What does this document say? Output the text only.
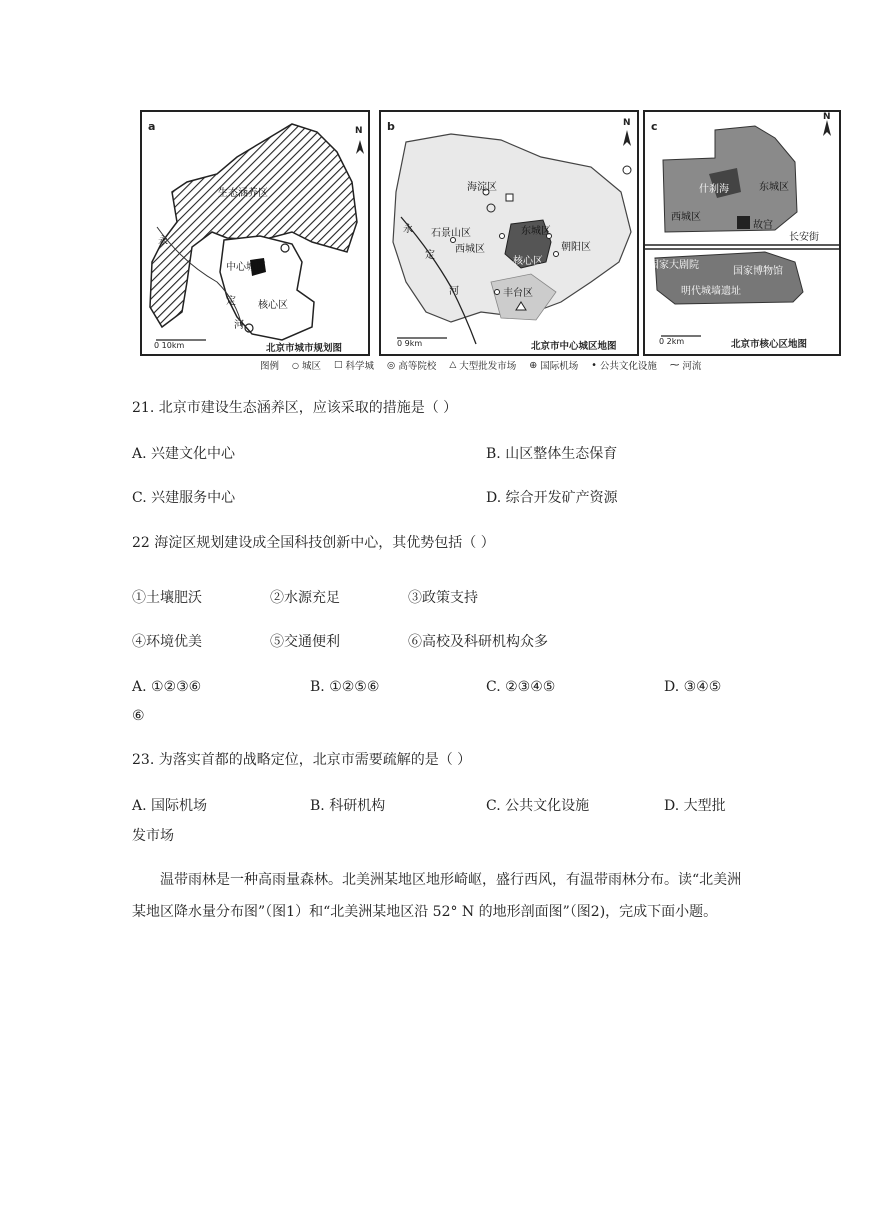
a	N
生态涵养区
中心城区
核心区
永
定
河
0 10km	北京市城市规划图
b	N
海淀区
石景山区
西城区
东城区
朝阳区
核心区
丰台区
永
定
河
0 9km	北京市中心城区地图
c
N
什刹海	东城区
西城区
故宫
长安街
国家大剧院
国家博物馆
明代城墙遗址
0 2km	北京市核心区地图
图例 ○ 城区 □ 科学城 ◎ 高等院校 △ 大型批发市场 ⊕ 国际机场 • 公共文化设施 ⁓ 河流
21. 北京市建设生态涵养区，应该采取的措施是（ ）
A. 兴建文化中心	B. 山区整体生态保育
C. 兴建服务中心	D. 综合开发矿产资源
22 海淀区规划建设成全国科技创新中心，其优势包括（ ）
①土壤肥沃	②水源充足	③政策支持
④环境优美	⑤交通便利	⑥高校及科研机构众多
A. ①②③⑥	B. ①②⑤⑥	C. ②③④⑤	D. ③④⑤
⑥
23. 为落实首都的战略定位，北京市需要疏解的是（ ）
A. 国际机场	B. 科研机构	C. 公共文化设施	D. 大型批
发市场
温带雨林是一种高雨量森林。北美洲某地区地形崎岖，盛行西风，有温带雨林分布。读“北美洲某地区降水量分布图”（图1）和“北美洲某地区沿 52° N 的地形剖面图”（图2)，完成下面小题。
